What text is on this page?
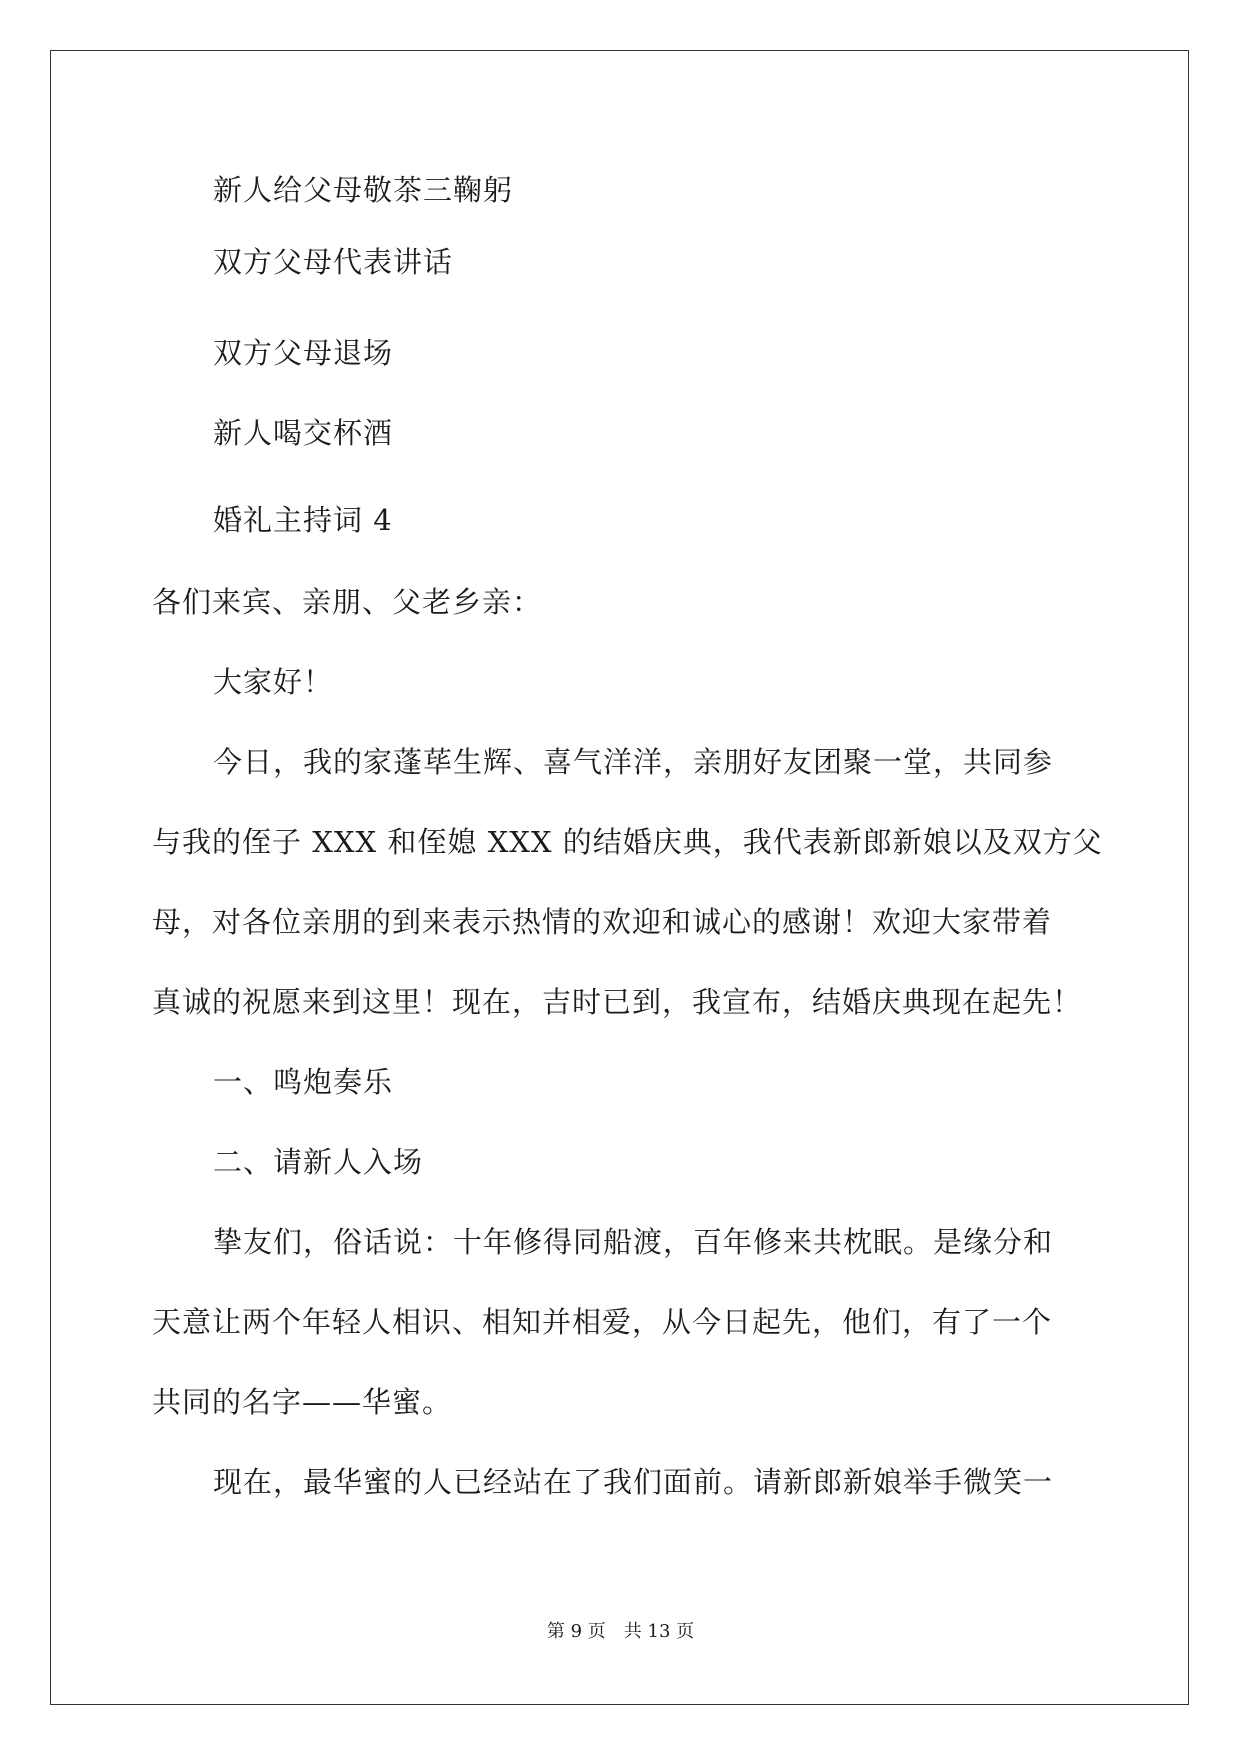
新人给父母敬茶三鞠躬
双方父母代表讲话
双方父母退场
新人喝交杯酒
婚礼主持词 4
各们来宾、亲朋、父老乡亲：
大家好！
今日，我的家蓬荜生辉、喜气洋洋，亲朋好友团聚一堂，共同参
与我的侄子 XXX 和侄媳 XXX 的结婚庆典，我代表新郎新娘以及双方父
母，对各位亲朋的到来表示热情的欢迎和诚心的感谢！欢迎大家带着
真诚的祝愿来到这里！现在，吉时已到，我宣布，结婚庆典现在起先！
一、鸣炮奏乐
二、请新人入场
挚友们，俗话说：十年修得同船渡，百年修来共枕眠。是缘分和
天意让两个年轻人相识、相知并相爱，从今日起先，他们，有了一个
共同的名字——华蜜。
现在，最华蜜的人已经站在了我们面前。请新郎新娘举手微笑一
第 9 页 共 13 页
